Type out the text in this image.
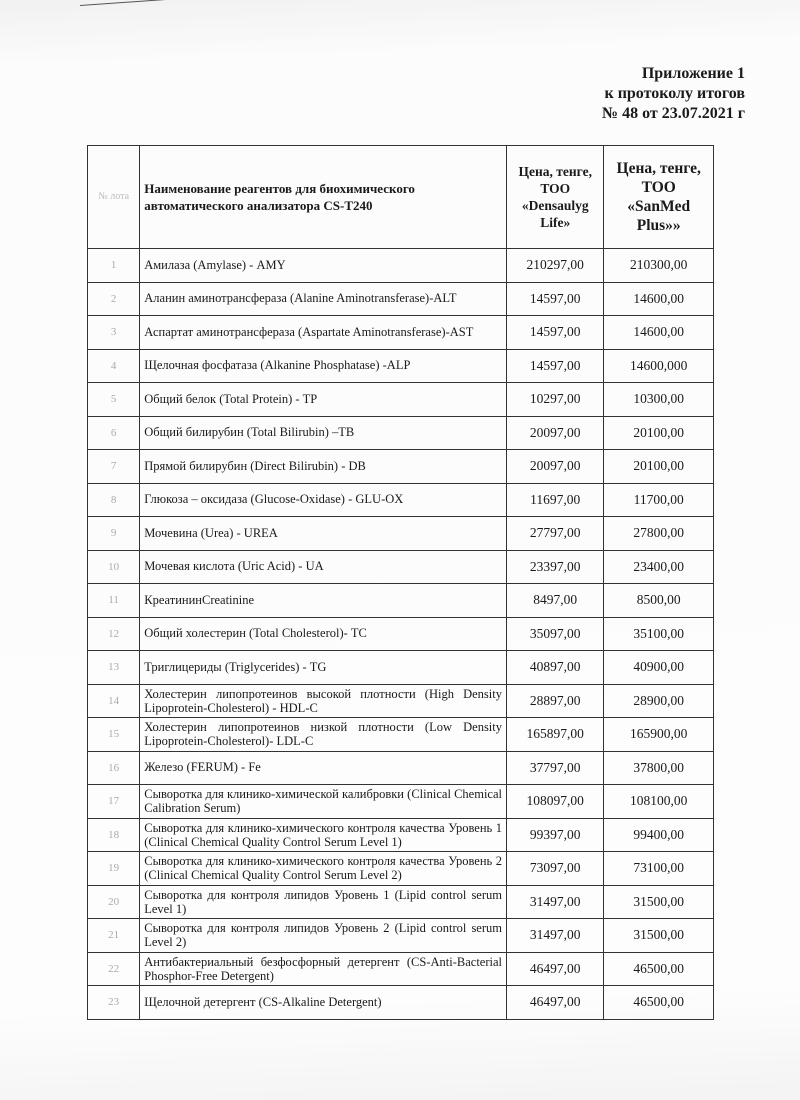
Приложение 1
к протоколу итогов
№ 48 от 23.07.2021 г
№ лота	Наименование реагентов для биохимического автоматического анализатора CS-T240	Цена, тенге, ТОО «Densaulyg Life»	Цена, тенге, ТОО «SanMed Plus»»
1	Амилаза (Amylase) - AMY	210297,00	210300,00
2	Аланин аминотрансфераза (Alanine Aminotransferase)-ALT	14597,00	14600,00
3	Аспартат аминотрансфераза (Aspartate Aminotransferase)-AST	14597,00	14600,00
4	Щелочная фосфатаза (Alkanine Phosphatase) -ALP	14597,00	14600,000
5	Общий белок (Total Protein) - TP	10297,00	10300,00
6	Общий билирубин (Total Bilirubin) –TB	20097,00	20100,00
7	Прямой билирубин (Direct Bilirubin) - DB	20097,00	20100,00
8	Глюкоза – оксидаза (Glucose-Oxidase) - GLU-OX	11697,00	11700,00
9	Мочевина (Urea) - UREA	27797,00	27800,00
10	Мочевая кислота (Uric Acid) - UA	23397,00	23400,00
11	КреатининCreatinine	8497,00	8500,00
12	Общий холестерин (Total Cholesterol)- TC	35097,00	35100,00
13	Триглицериды (Triglycerides) - TG	40897,00	40900,00
14	Холестерин липопротеинов высокой плотности (High Density Lipoprotein-Cholesterol) - HDL-C	28897,00	28900,00
15	Холестерин липопротеинов низкой плотности (Low Density Lipoprotein-Cholesterol)- LDL-C	165897,00	165900,00
16	Железо (FERUM) - Fe	37797,00	37800,00
17	Сыворотка для клинико-химической калибровки (Clinical Chemical Calibration Serum)	108097,00	108100,00
18	Сыворотка для клинико-химического контроля качества Уровень 1 (Clinical Chemical Quality Control Serum Level 1)	99397,00	99400,00
19	Сыворотка для клинико-химического контроля качества Уровень 2 (Clinical Chemical Quality Control Serum Level 2)	73097,00	73100,00
20	Сыворотка для контроля липидов Уровень 1 (Lipid control serum Level 1)	31497,00	31500,00
21	Сыворотка для контроля липидов Уровень 2 (Lipid control serum Level 2)	31497,00	31500,00
22	Антибактериальный безфосфорный детергент (CS-Anti-Bacterial Phosphor-Free Detergent)	46497,00	46500,00
23	Щелочной детергент (CS-Alkaline Detergent)	46497,00	46500,00
